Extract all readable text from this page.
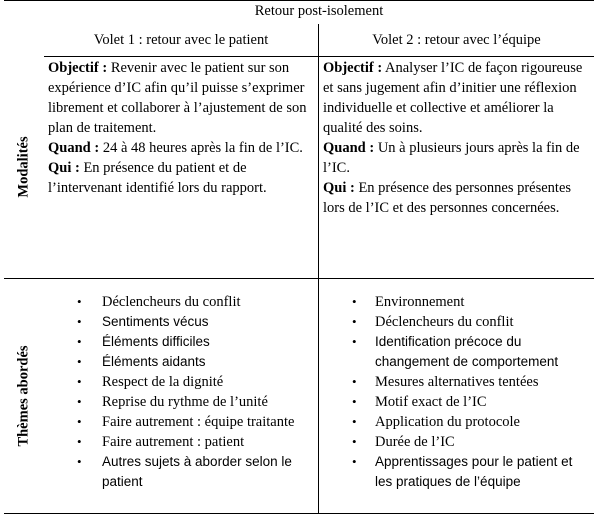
Retour post-isolement
Volet 1 : retour avec le patient	Volet 2 : retour avec l’équipe
Modalités
Thèmes abordés

Objectif : Revenir avec le patient sur son expérience d’IC afin qu’il puisse s’exprimer librement et collaborer à l’ajustement de son plan de traitement.

Quand : 24 à 48 heures après la fin de l’IC.

Qui : En présence du patient et de l’intervenant identifié lors du rapport.

Objectif : Analyser l’IC de façon rigoureuse et sans jugement afin d’initier une réflexion individuelle et collective et améliorer la qualité des soins.

Quand : Un à plusieurs jours après la fin de l’IC.

Qui : En présence des personnes présentes lors de l’IC et des personnes concernées.

• Déclencheurs du conflit
• Sentiments vécus
• Éléments difficiles
• Éléments aidants
• Respect de la dignité
• Reprise du rythme de l’unité
• Faire autrement : équipe traitante
• Faire autrement : patient
• Autres sujets à aborder selon le patient
• Environnement
• Déclencheurs du conflit
• Identification précoce du changement de comportement
• Mesures alternatives tentées
• Motif exact de l’IC
• Application du protocole
• Durée de l’IC
• Apprentissages pour le patient et les pratiques de l’équipe
